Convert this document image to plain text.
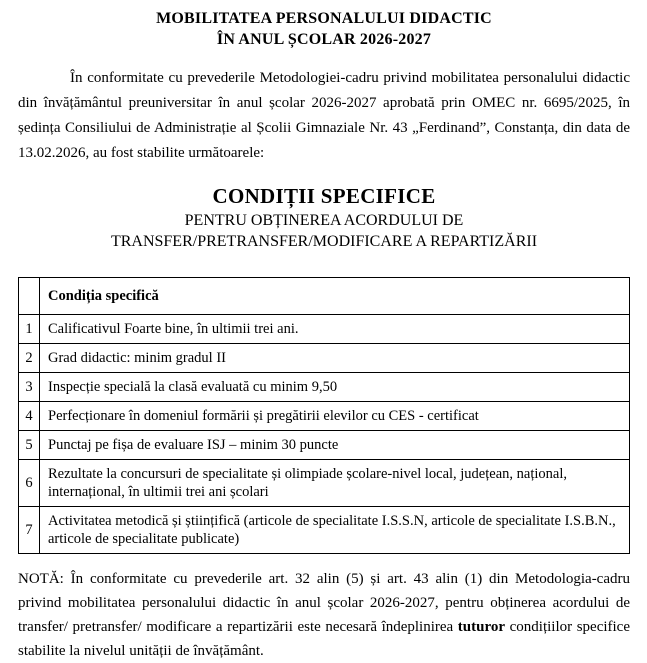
MOBILITATEA PERSONALULUI DIDACTIC
ÎN ANUL ȘCOLAR 2026-2027

În conformitate cu prevederile Metodologiei-cadru privind mobilitatea personalului didactic din învățământul preuniversitar în anul școlar 2026-2027 aprobată prin OMEC nr. 6695/2025, în ședința Consiliului de Administrație al Școlii Gimnaziale Nr. 43 „Ferdinand”, Constanța, din data de 13.02.2026, au fost stabilite următoarele:

CONDIȚII SPECIFICE
PENTRU OBȚINEREA ACORDULUI DE
TRANSFER/PRETRANSFER/MODIFICARE A REPARTIZĂRII
	Condiția specifică
1	Calificativul Foarte bine, în ultimii trei ani.
2	Grad didactic: minim gradul II
3	Inspecție specială la clasă evaluată cu minim 9,50
4	Perfecționare în domeniul formării și pregătirii elevilor cu CES - certificat
5	Punctaj pe fișa de evaluare ISJ – minim 30 puncte
6	Rezultate la concursuri de specialitate și olimpiade școlare-nivel local, județean, național, internațional, în ultimii trei ani școlari
7	Activitatea metodică și științifică (articole de specialitate I.S.S.N, articole de specialitate I.S.B.N., articole de specialitate publicate)

NOTĂ: În conformitate cu prevederile art. 32 alin (5) și art. 43 alin (1) din Metodologia-cadru privind mobilitatea personalului didactic în anul școlar 2026-2027, pentru obținerea acordului de transfer/ pretransfer/ modificare a repartizării este necesară îndeplinirea tuturor condițiilor specifice stabilite la nivelul unității de învățământ.
